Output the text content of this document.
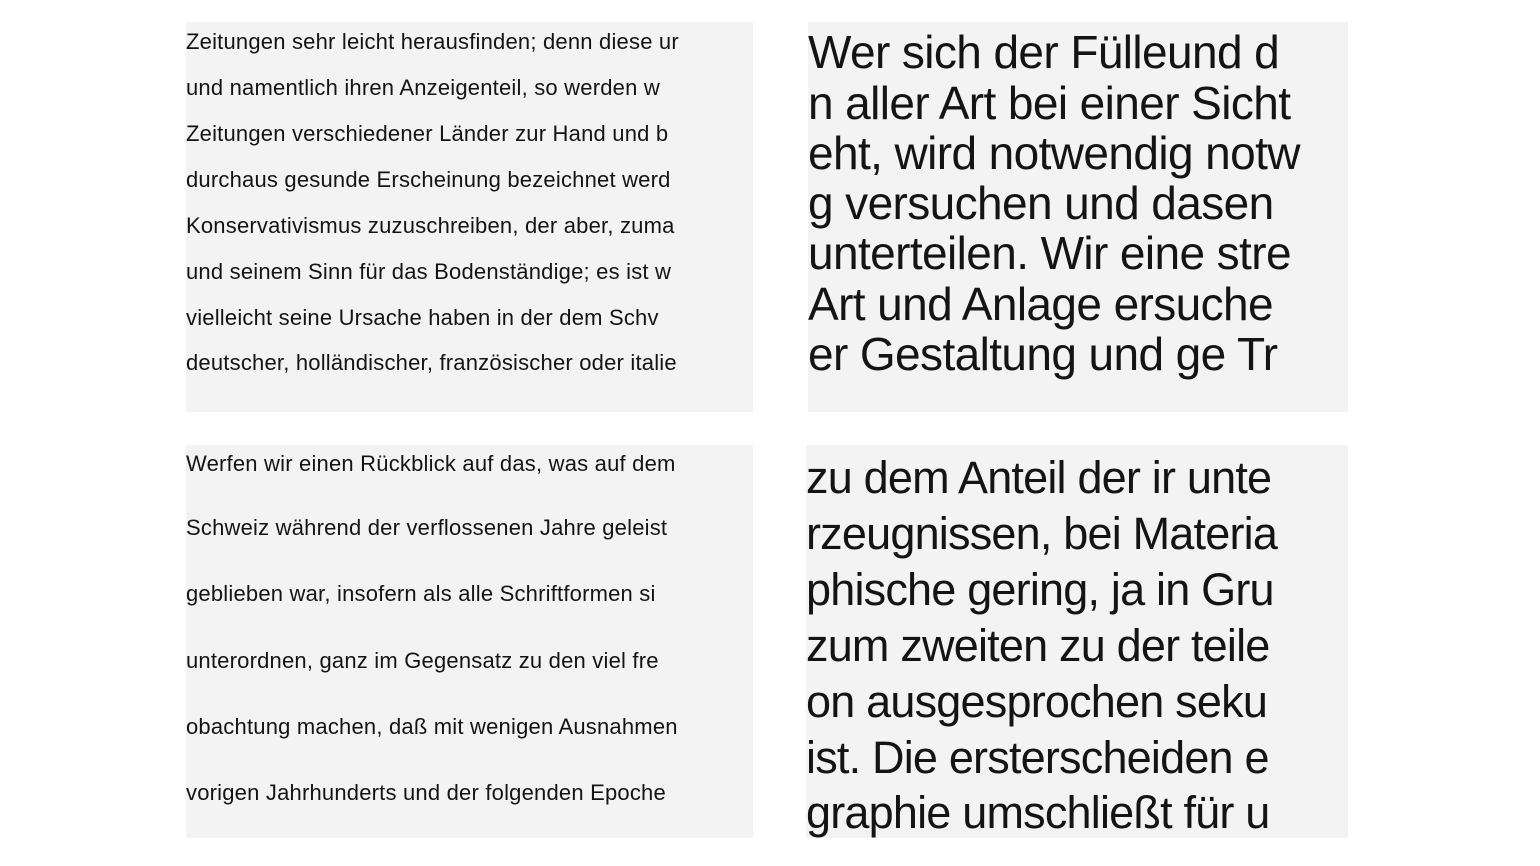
Zeitungen sehr leicht herausfinden; denn diese ur
und namentlich ihren Anzeigenteil, so werden w
Zeitungen verschiedener Länder zur Hand und b
durchaus gesunde Erscheinung bezeichnet werd
Konservativismus zuzuschreiben, der aber, zuma
und seinem Sinn für das Bodenständige; es ist w
vielleicht seine Ursache haben in der dem Schv
deutscher, holländischer, französischer oder italie
Wer sich der Fülleund d
n aller Art bei einer Sicht
eht, wird notwendig notw
g versuchen und dasen
unterteilen. Wir eine stre
Art und Anlage ersuche
er Gestaltung und ge Tr
Werfen wir einen Rückblick auf das, was auf dem
Schweiz während der verflossenen Jahre geleist
geblieben war, insofern als alle Schriftformen si
unterordnen, ganz im Gegensatz zu den viel fre
obachtung machen, daß mit wenigen Ausnahmen
vorigen Jahrhunderts und der folgenden Epoche
zu dem Anteil der ir unte
rzeugnissen, bei Materia
phische gering, ja in Gru
zum zweiten zu der teile
on ausgesprochen seku
ist. Die ersterscheiden e
graphie umschließt für u
